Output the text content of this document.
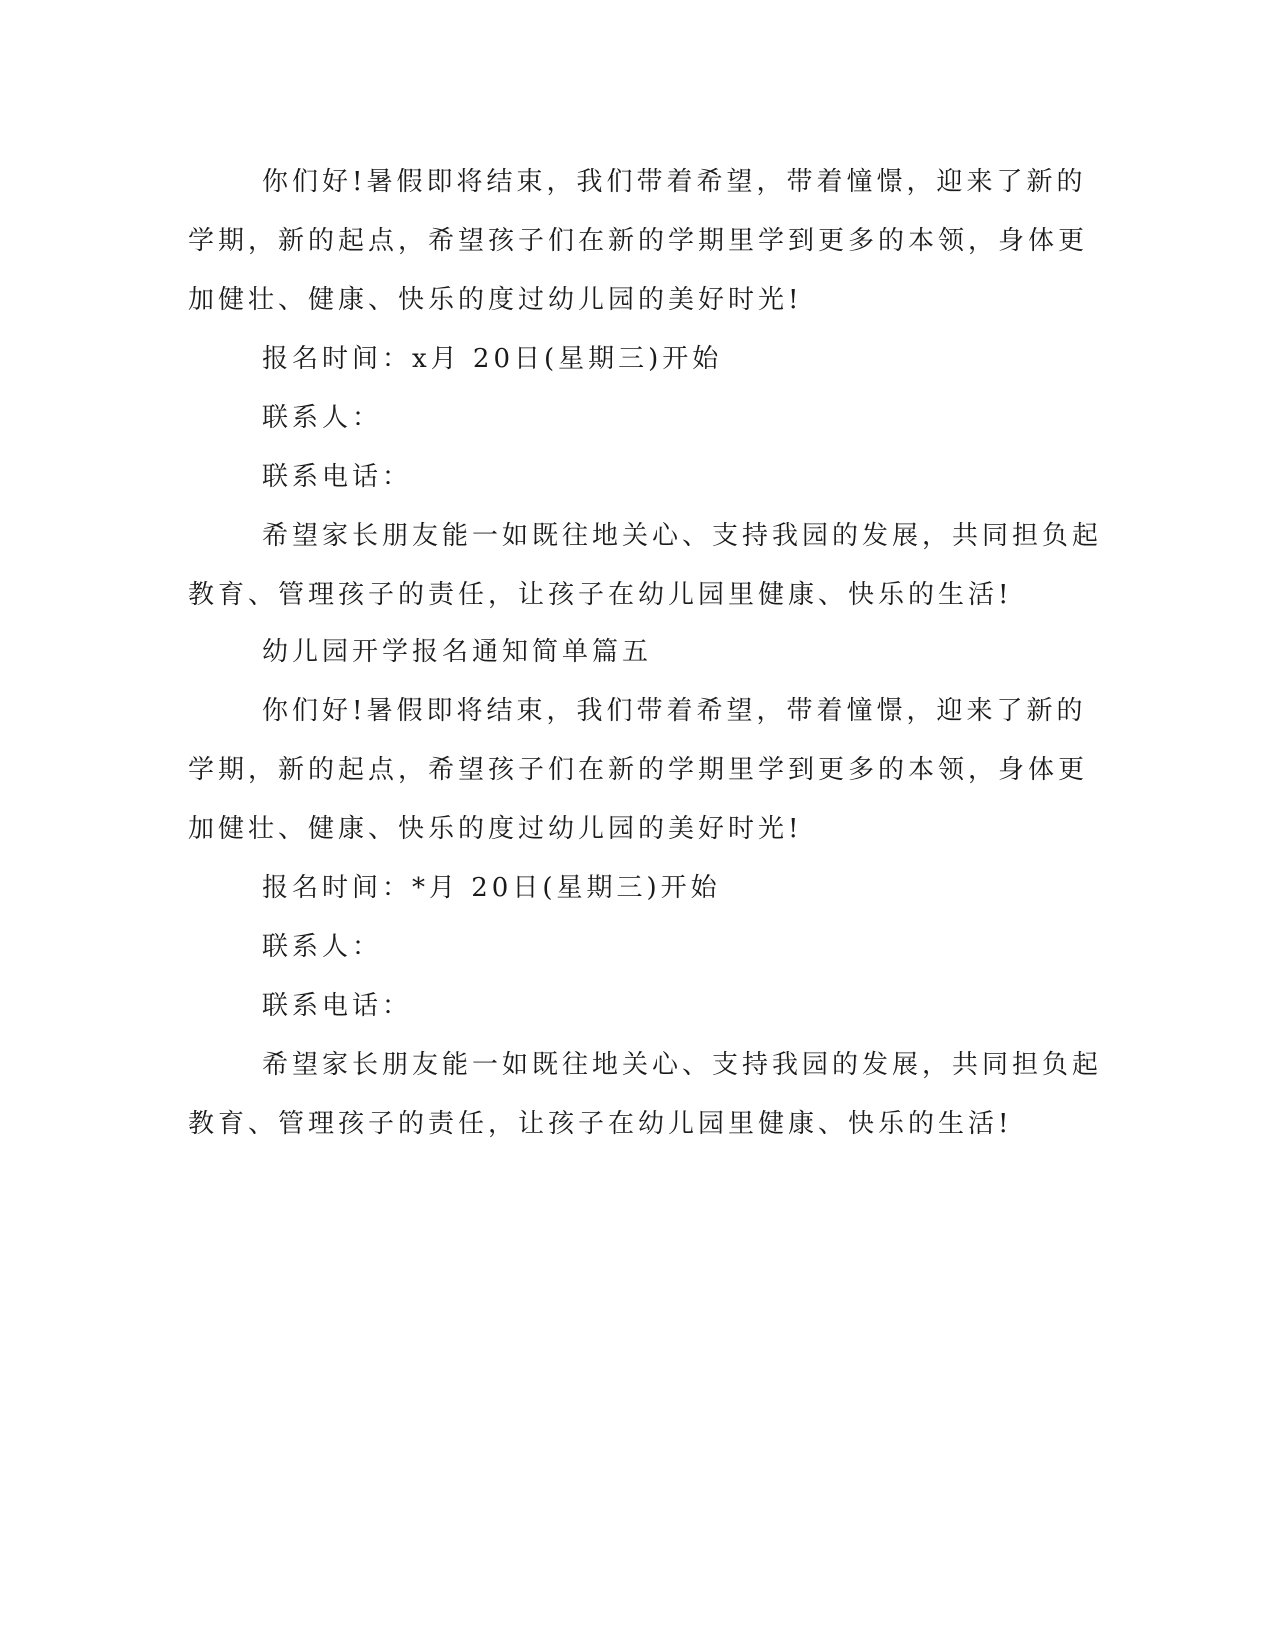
你们好!暑假即将结束，我们带着希望，带着憧憬，迎来了新的
学期，新的起点，希望孩子们在新的学期里学到更多的本领，身体更
加健壮、健康、快乐的度过幼儿园的美好时光!
报名时间：x月 20日(星期三)开始
联系人：
联系电话：
希望家长朋友能一如既往地关心、支持我园的发展，共同担负起
教育、管理孩子的责任，让孩子在幼儿园里健康、快乐的生活!
幼儿园开学报名通知简单篇五
你们好!暑假即将结束，我们带着希望，带着憧憬，迎来了新的
学期，新的起点，希望孩子们在新的学期里学到更多的本领，身体更
加健壮、健康、快乐的度过幼儿园的美好时光!
报名时间：*月 20日(星期三)开始
联系人：
联系电话：
希望家长朋友能一如既往地关心、支持我园的发展，共同担负起
教育、管理孩子的责任，让孩子在幼儿园里健康、快乐的生活!
